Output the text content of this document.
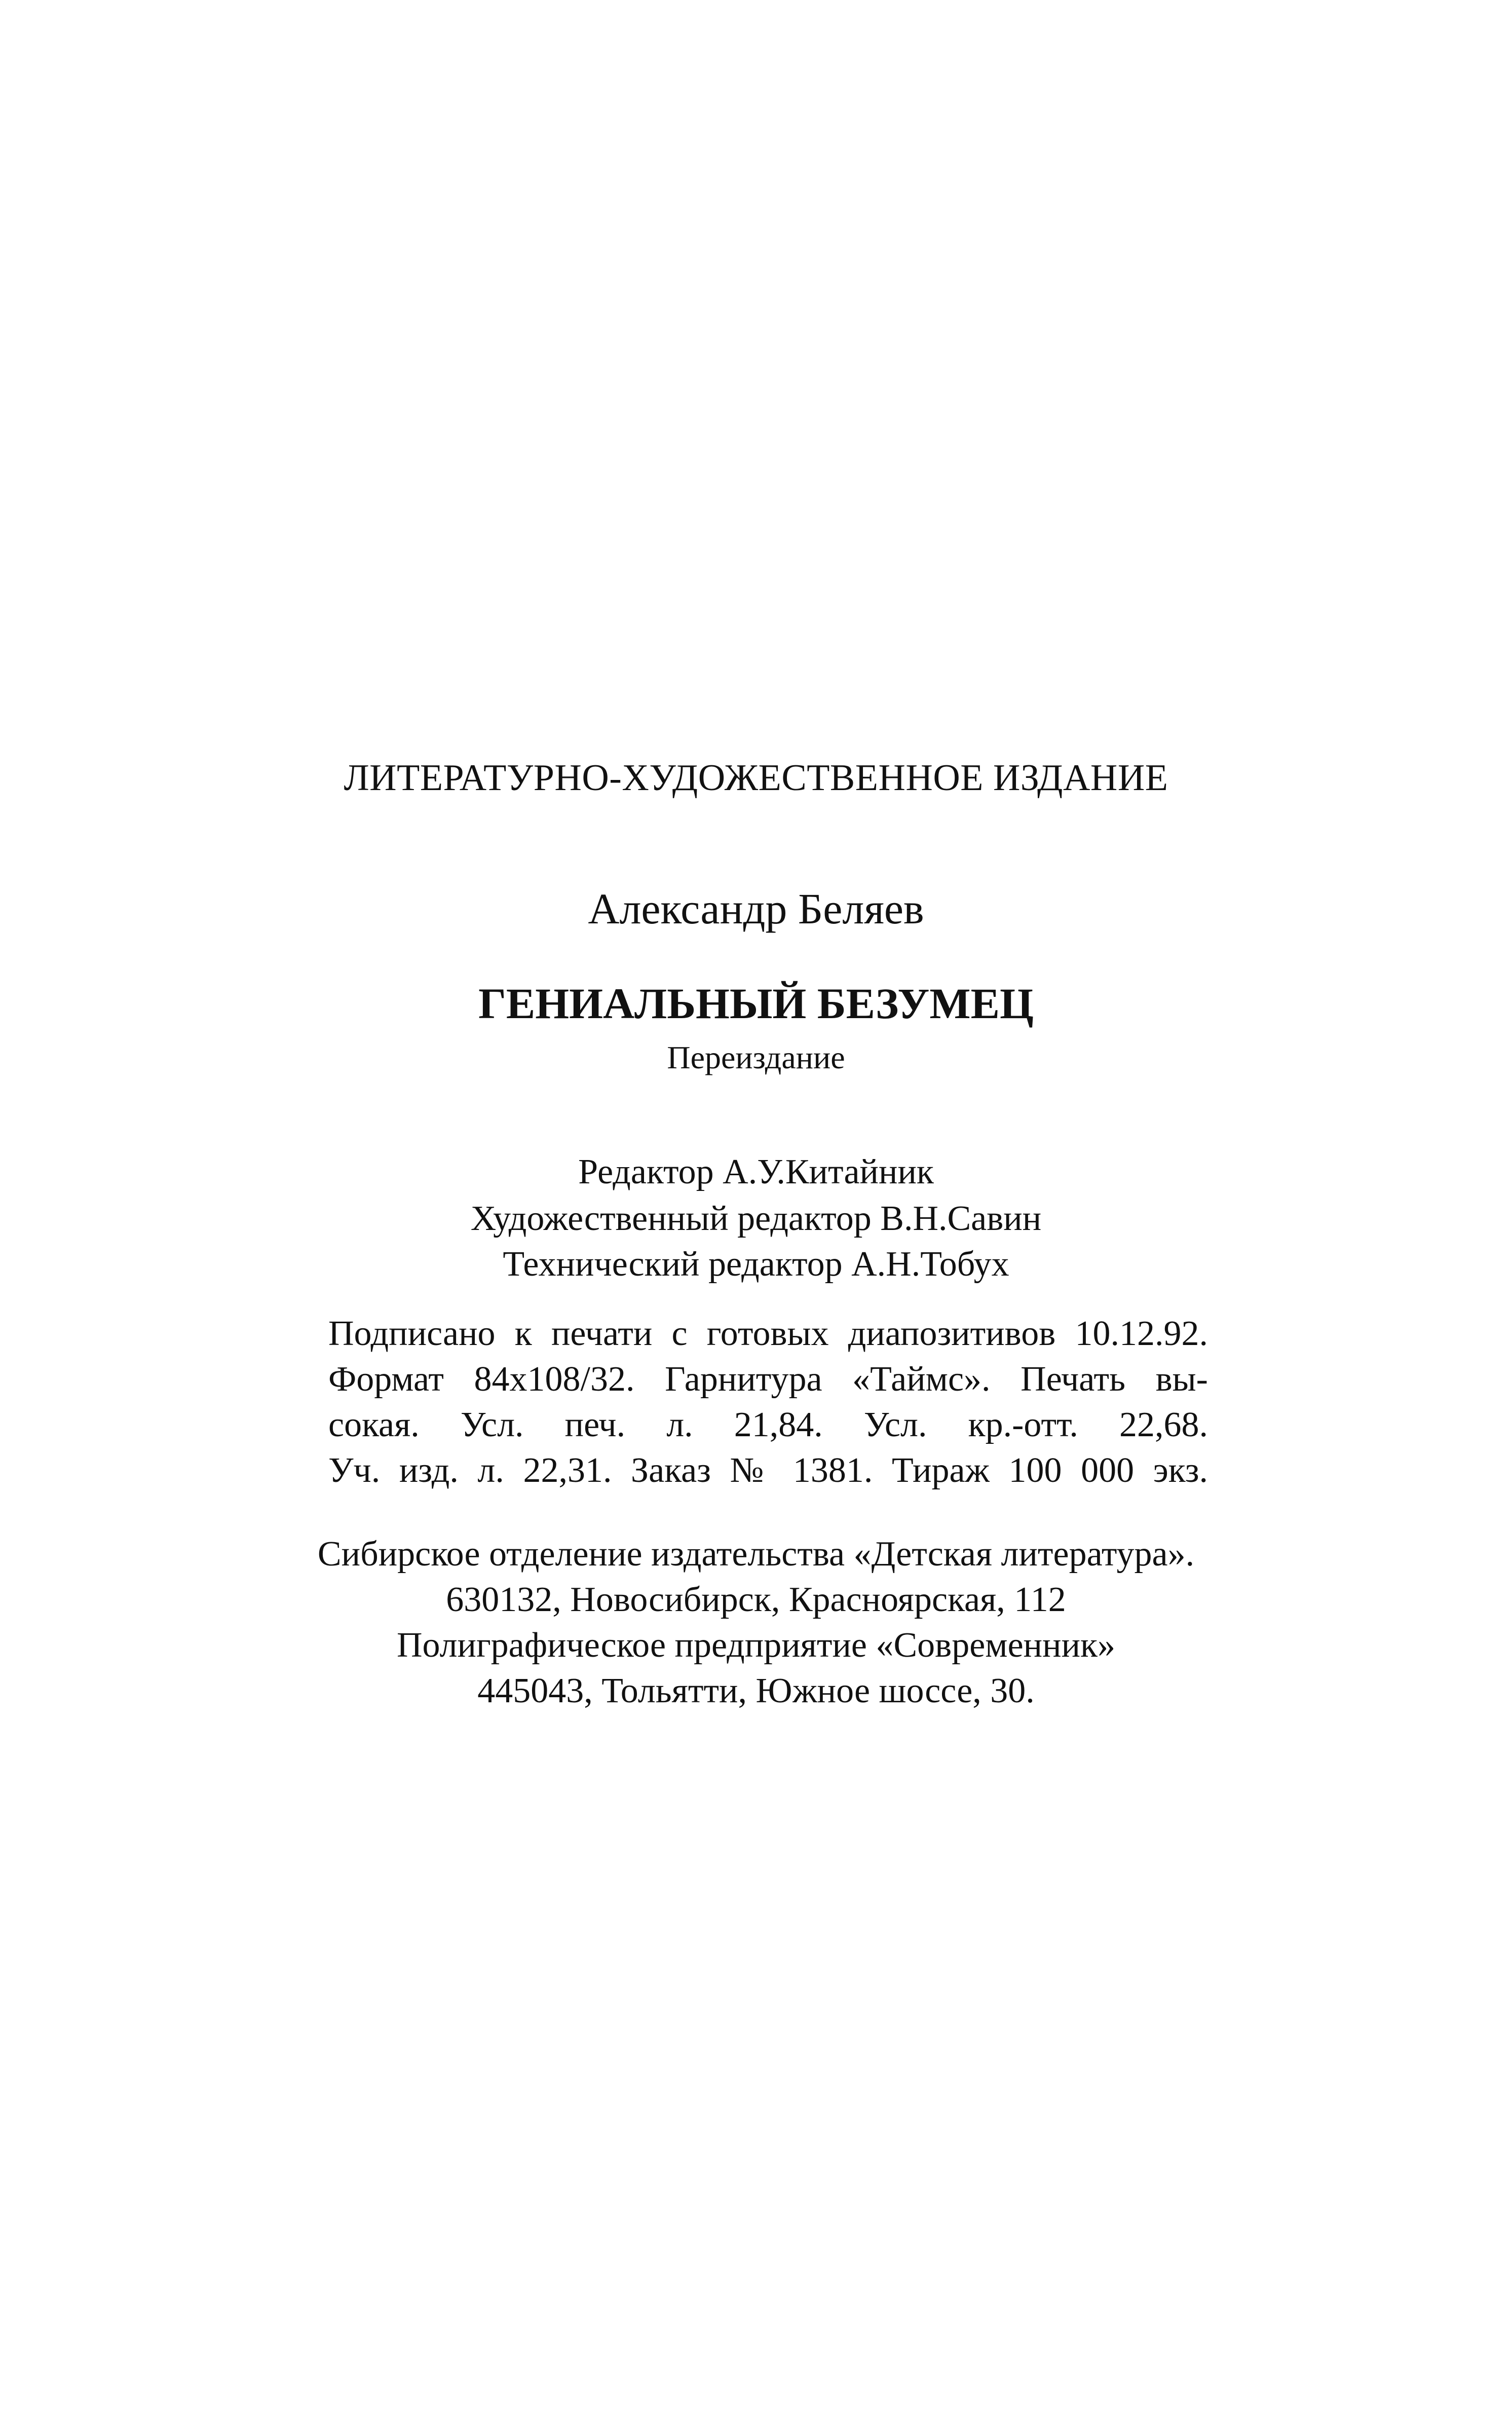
ЛИТЕРАТУРНО-ХУДОЖЕСТВЕННОЕ ИЗДАНИЕ
Александр Беляев
ГЕНИАЛЬНЫЙ БЕЗУМЕЦ
Переиздание
Редактор А.У.Китайник
Художественный редактор В.Н.Савин
Технический редактор А.Н.Тобух
Подписано к печати с готовых диапозитивов 10.12.92.
Формат 84х108/32. Гарнитура «Таймс». Печать вы-
сокая. Усл. печ. л. 21,84. Усл. кр.-отт. 22,68.
Уч. изд. л. 22,31. Заказ № 1381. Тираж 100 000 экз.
Сибирское отделение издательства «Детская литература».
630132, Новосибирск, Красноярская, 112
Полиграфическое предприятие «Современник»
445043, Тольятти, Южное шоссе, 30.
